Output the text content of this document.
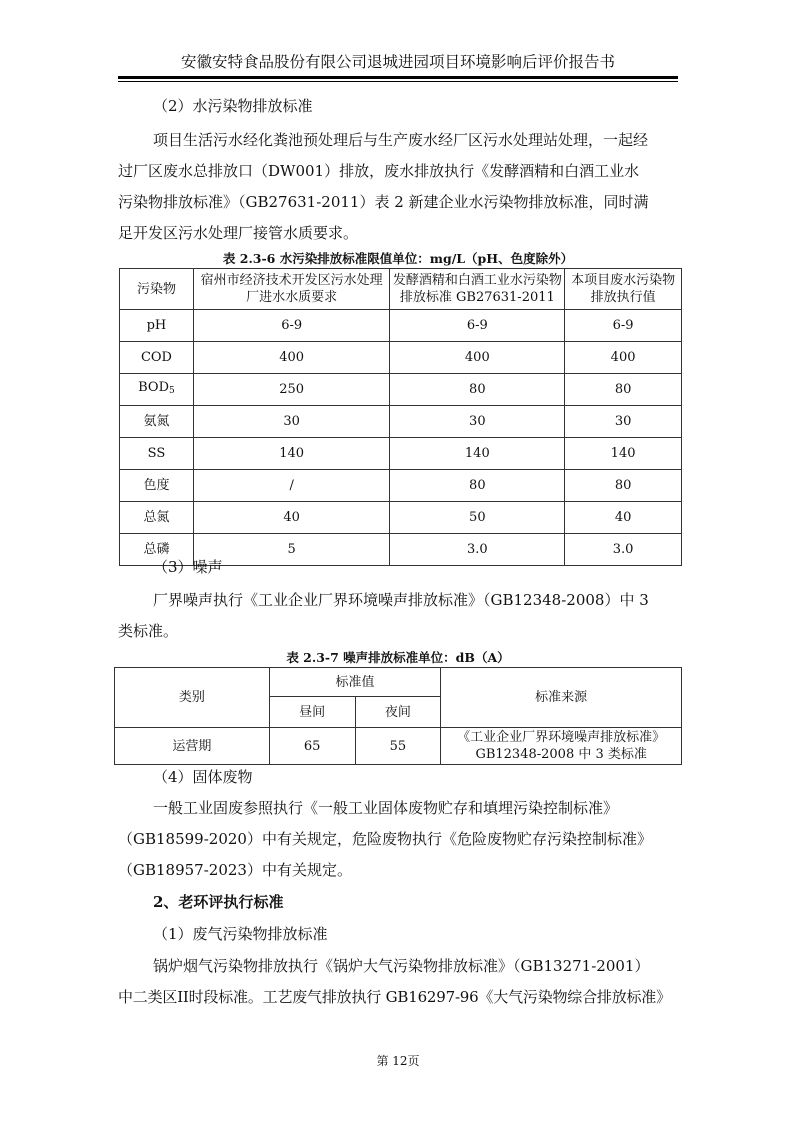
安徽安特食品股份有限公司退城进园项目环境影响后评价报告书
（2）水污染物排放标准
项目生活污水经化粪池预处理后与生产废水经厂区污水处理站处理，一起经
过厂区废水总排放口（DW001）排放，废水排放执行《发酵酒精和白酒工业水
污染物排放标准》（GB27631-2011）表 2 新建企业水污染物排放标准，同时满
足开发区污水处理厂接管水质要求。
表 2.3-6 水污染排放标准限值单位：mg/L（pH、色度除外）
污染物	宿州市经济技术开发区污水处理厂进水水质要求	发酵酒精和白酒工业水污染物排放标准 GB27631-2011	本项目废水污染物排放执行值
pH	6-9	6-9	6-9
COD	400	400	400
$BOD_5$	250	80	80
氨氮	30	30	30
SS	140	140	140
色度	/	80	80
总氮	40	50	40
总磷	5	3.0	3.0
（3）噪声
厂界噪声执行《工业企业厂界环境噪声排放标准》（GB12348-2008）中 3
类标准。
表 2.3-7 噪声排放标准单位：dB（A）
类别	标准值		标准来源
	昼间	夜间	
运营期	65	55	《工业企业厂界环境噪声排放标准》
GB12348-2008 中 3 类标准
（4）固体废物
一般工业固废参照执行《一般工业固体废物贮存和填埋污染控制标准》
（GB18599-2020）中有关规定，危险废物执行《危险废物贮存污染控制标准》
（GB18957-2023）中有关规定。
2、老环评执行标准
（1）废气污染物排放标准
锅炉烟气污染物排放执行《锅炉大气污染物排放标准》（GB13271-2001）
中二类区II时段标准。工艺废气排放执行 GB16297-96《大气污染物综合排放标准》
第 12页
